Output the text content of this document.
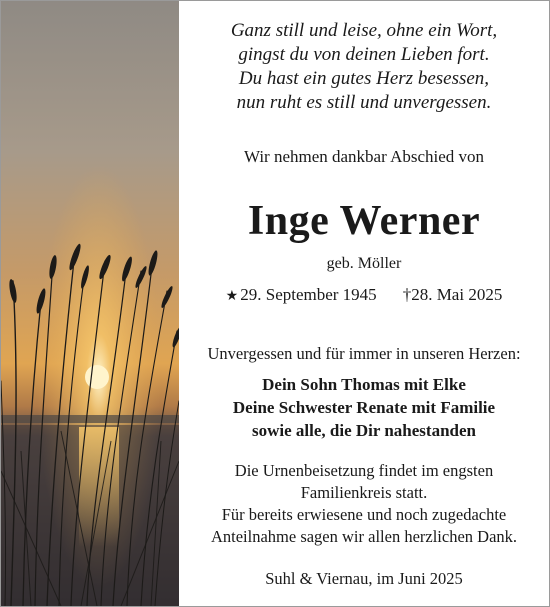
Ganz still und leise, ohne ein Wort,
gingst du von deinen Lieben fort.
Du hast ein gutes Herz besessen,
nun ruht es still und unvergessen.
Wir nehmen dankbar Abschied von
Inge Werner
geb. Möller
★ 29. September 1945 †28. Mai 2025
Unvergessen und für immer in unseren Herzen:
Dein Sohn Thomas mit Elke
Deine Schwester Renate mit Familie
sowie alle, die Dir nahestanden
Die Urnenbeisetzung findet im engsten
Familienkreis statt.
Für bereits erwiesene und noch zugedachte
Anteilnahme sagen wir allen herzlichen Dank.
Suhl & Viernau, im Juni 2025
